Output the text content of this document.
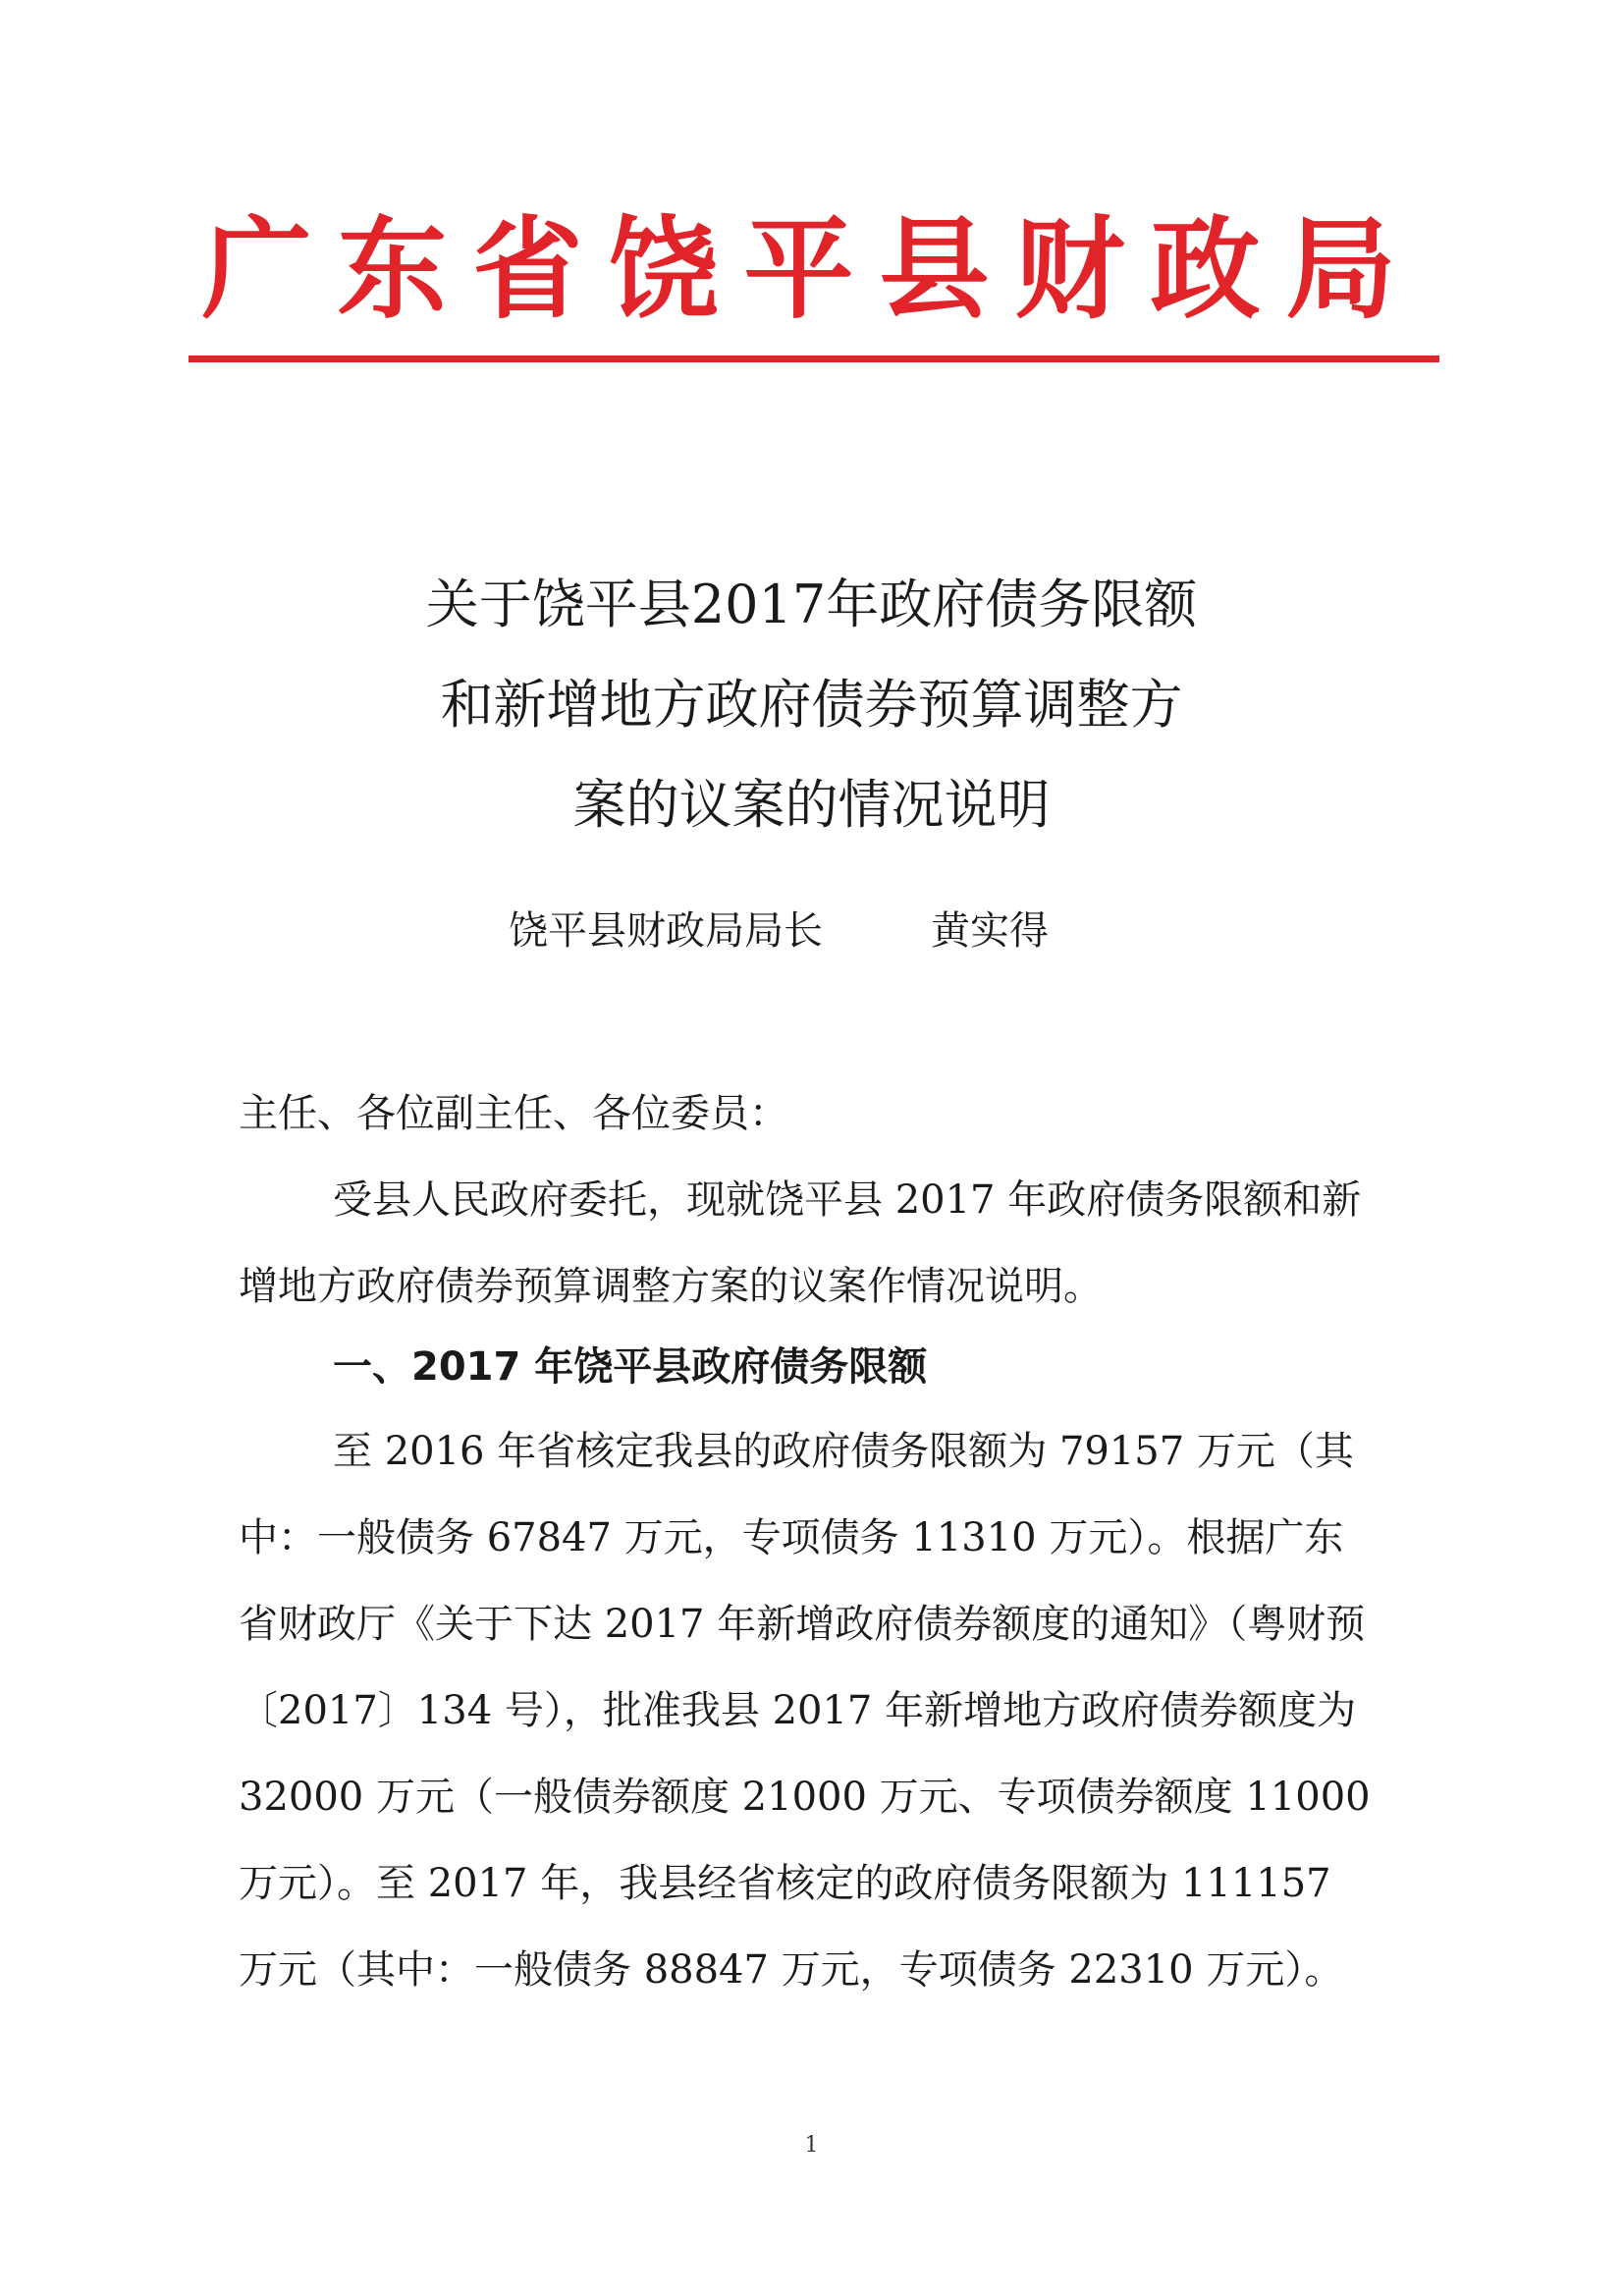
广东省饶平县财政局
关于饶平县2017年政府债务限额
和新增地方政府债券预算调整方
案的议案的情况说明
饶平县财政局局长	黄实得
主任、各位副主任、各位委员：
受县人民政府委托，现就饶平县 2017 年政府债务限额和新增地方政府债券预算调整方案的议案作情况说明。
一、2017 年饶平县政府债务限额
至 2016 年省核定我县的政府债务限额为 79157 万元（其中：一般债务 67847 万元，专项债务 11310 万元）。根据广东省财政厅《关于下达 2017 年新增政府债券额度的通知》（粤财预〔2017〕134 号），批准我县 2017 年新增地方政府债券额度为 32000 万元（一般债券额度 21000 万元、专项债券额度 11000 万元）。至 2017 年，我县经省核定的政府债务限额为 111157 万元（其中：一般债务 88847 万元，专项债务 22310 万元）。
1
